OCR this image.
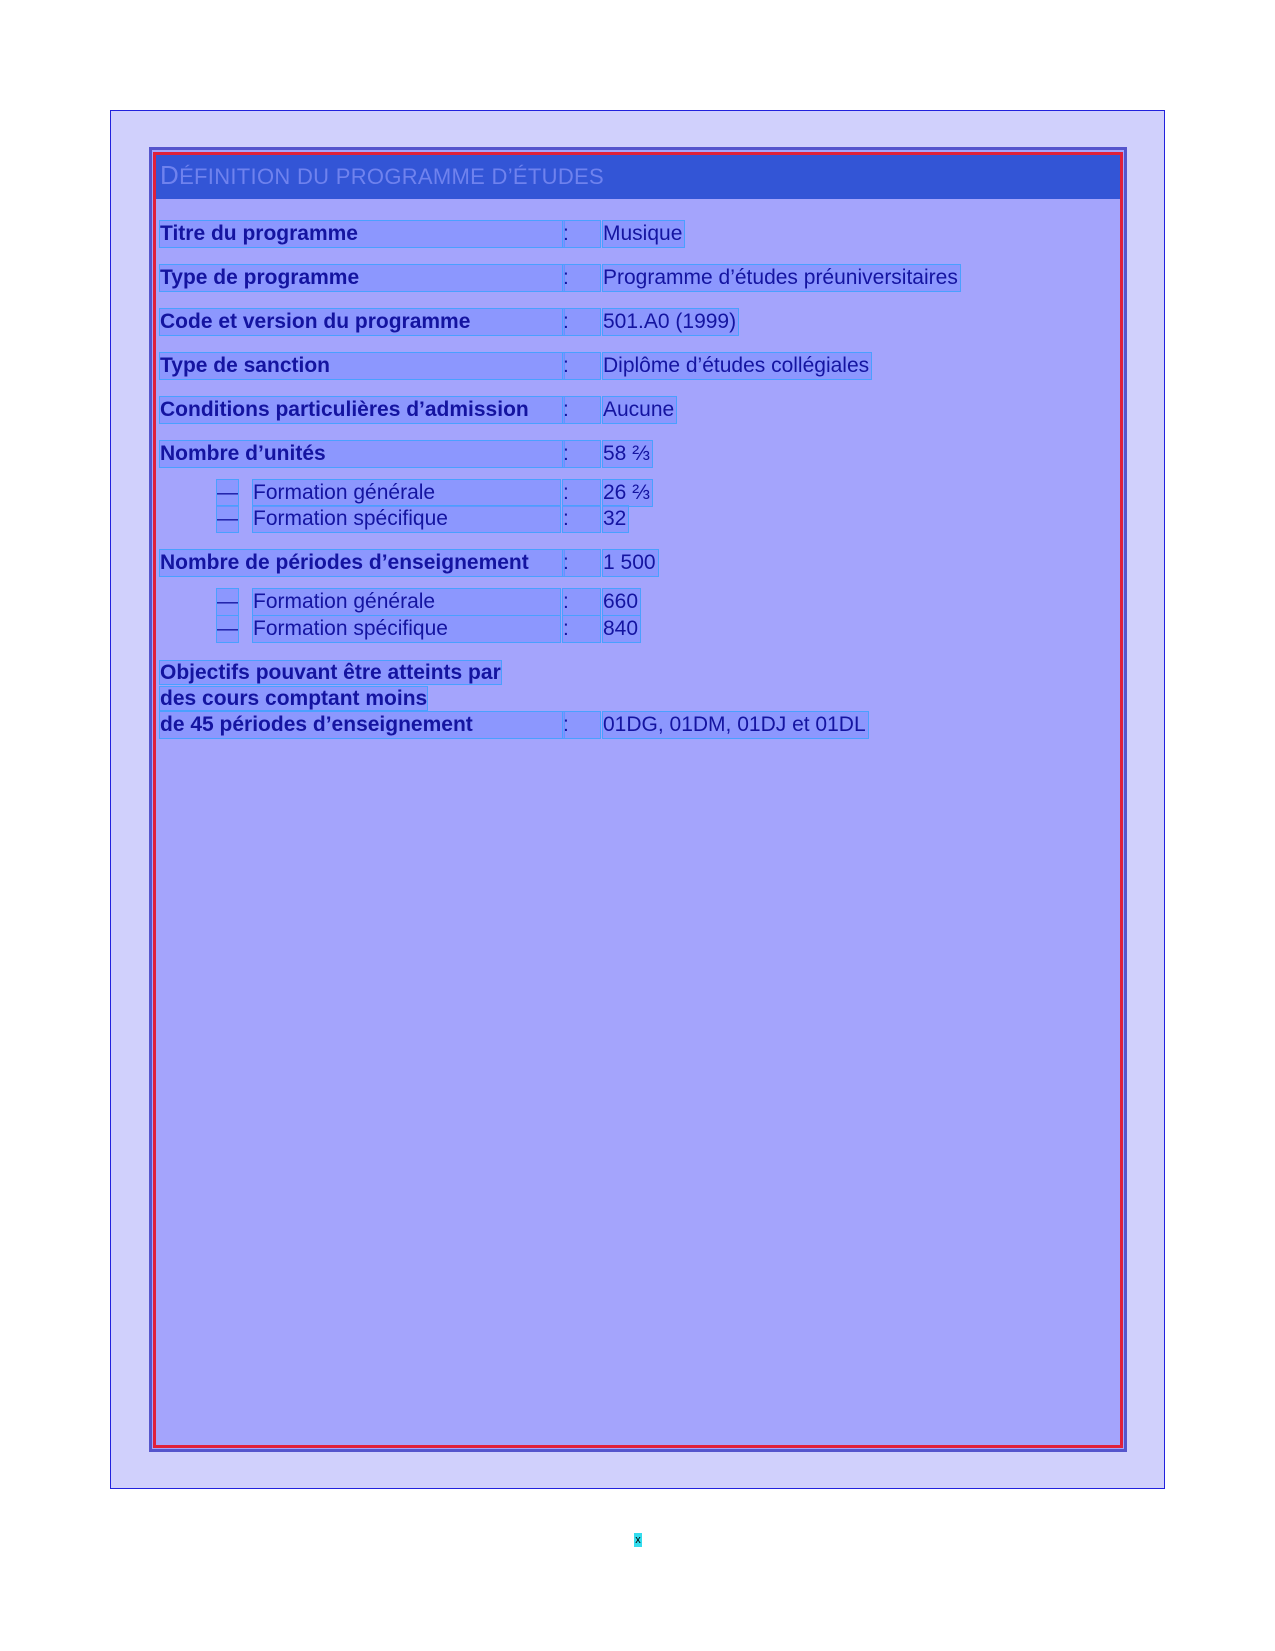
DÉFINITION DU PROGRAMME D’ÉTUDES
Titre du programme	:	Musique
Type de programme	:	Programme d’études préuniversitaires
Code et version du programme	:	501.A0 (1999)
Type de sanction	:	Diplôme d’études collégiales
Conditions particulières d’admission	:	Aucune
Nombre d’unités	:	58 ⅔
— Formation générale	:	26 ⅔
— Formation spécifique	:	32
Nombre de périodes d’enseignement	:	1 500
— Formation générale	:	660
— Formation spécifique	:	840
Objectifs pouvant être atteints par
des cours comptant moins
de 45 périodes d’enseignement	:	01DG, 01DM, 01DJ et 01DL
x
